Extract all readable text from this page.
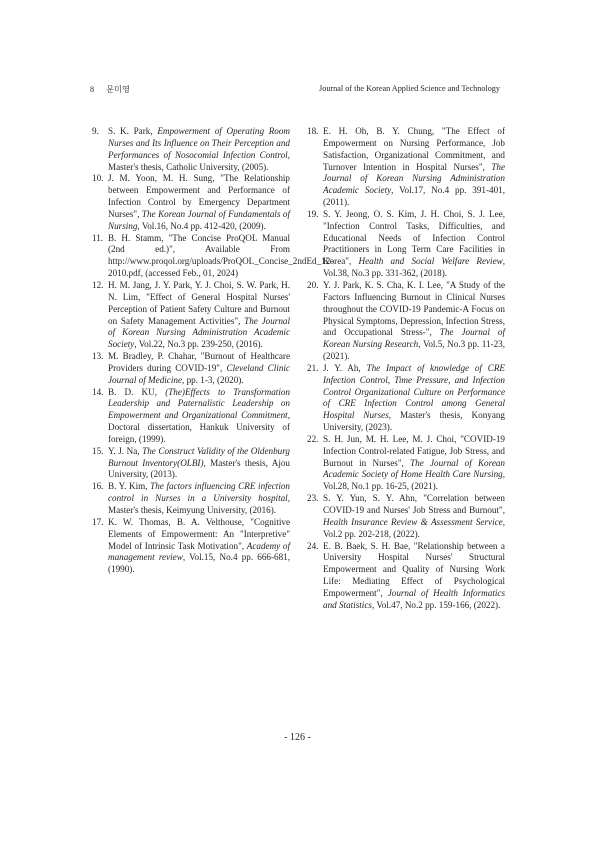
8 문미영	Journal of the Korean Applied Science and Technology

9. S. K. Park, Empowerment of Operating Room Nurses and Its Influence on Their Perception and Performances of Nosocomial Infection Control, Master's thesis, Catholic University, (2005).

10. J. M. Yoon, M. H. Sung, "The Relationship between Empowerment and Performance of Infection Control by Emergency Department Nurses", The Korean Journal of Fundamentals of Nursing, Vol.16, No.4 pp. 412-420, (2009).

11. B. H. Stamm, "The Concise ProQOL Manual (2nd ed.)", Available From http://www.proqol.org/uploads/ProQOL_Concise_2ndEd_12-2010.pdf, (accessed Feb., 01, 2024)

12. H. M. Jang, J. Y. Park, Y. J. Choi, S. W. Park, H. N. Lim, "Effect of General Hospital Nurses' Perception of Patient Safety Culture and Burnout on Safety Management Activities", The Journal of Korean Nursing Administration Academic Society, Vol.22, No.3 pp. 239-250, (2016).

13. M. Bradley, P. Chahar, "Burnout of Healthcare Providers during COVID-19", Cleveland Clinic Journal of Medicine, pp. 1-3, (2020).

14. B. D. KU, (The)Effects to Transformation Leadership and Paternalistic Leadership on Empowerment and Organizational Commitment, Doctoral dissertation, Hankuk University of foreign, (1999).

15. Y. J. Na, The Construct Validity of the Oldenburg Burnout Inventory(OLBI), Master's thesis, Ajou University, (2013).

16. B. Y. Kim, The factors influencing CRE infection control in Nurses in a University hospital, Master's thesis, Keimyung University, (2016).

17. K. W. Thomas, B. A. Velthouse, "Cognitive Elements of Empowerment: An "Interpretive" Model of Intrinsic Task Motivation", Academy of management review, Vol.15, No.4 pp. 666-681, (1990).

18. E. H. Oh, B. Y. Chung, "The Effect of Empowerment on Nursing Performance, Job Satisfaction, Organizational Commitment, and Turnover Intention in Hospital Nurses", The Journal of Korean Nursing Administration Academic Society, Vol.17, No.4 pp. 391-401, (2011).

19. S. Y. Jeong, O. S. Kim, J. H. Choi, S. J. Lee, "Infection Control Tasks, Difficulties, and Educational Needs of Infection Control Practitioners in Long Term Care Facilities in Korea", Health and Social Welfare Review, Vol.38, No.3 pp. 331-362, (2018).

20. Y. J. Park, K. S. Cha, K. I. Lee, "A Study of the Factors Influencing Burnout in Clinical Nurses throughout the COVID-19 Pandemic-A Focus on Physical Symptoms, Depression, Infection Stress, and Occupational Stress-", The Journal of Korean Nursing Research, Vol.5, No.3 pp. 11-23, (2021).

21. J. Y. Ah, The Impact of knowledge of CRE Infection Control, Time Pressure, and Infection Control Organizational Culture on Performance of CRE Infection Control among General Hospital Nurses, Master's thesis, Konyang University, (2023).

22. S. H. Jun, M. H. Lee, M. J. Choi, "COVID-19 Infection Control-related Fatigue, Job Stress, and Burnout in Nurses", The Journal of Korean Academic Society of Home Health Care Nursing, Vol.28, No.1 pp. 16-25, (2021).

23. S. Y. Yun, S. Y. Ahn, "Correlation between COVID-19 and Nurses' Job Stress and Burnout", Health Insurance Review & Assessment Service, Vol.2 pp. 202-218, (2022).

24. E. B. Baek, S. H. Bae, "Relationship between a University Hospital Nurses' Structural Empowerment and Quality of Nursing Work Life: Mediating Effect of Psychological Empowerment", Journal of Health Informatics and Statistics, Vol.47, No.2 pp. 159-166, (2022).

- 126 -
